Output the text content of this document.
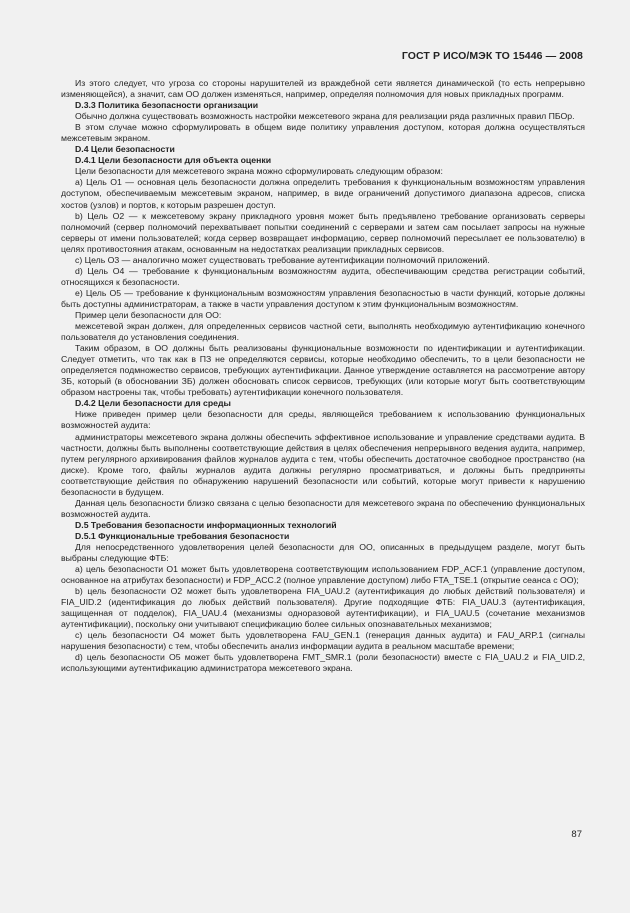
ГОСТ Р ИСО/МЭК ТО 15446 — 2008

Из этого следует, что угроза со стороны нарушителей из враждебной сети является динамической (то есть непрерывно изменяющейся), а значит, сам ОО должен изменяться, например, определяя полномочия для новых прикладных программ.

D.3.3 Политика безопасности организации

Обычно должна существовать возможность настройки межсетевого экрана для реализации ряда различных правил ПБОр.

В этом случае можно сформулировать в общем виде политику управления доступом, которая должна осуществляться межсетевым экраном.

D.4 Цели безопасности

D.4.1 Цели безопасности для объекта оценки

Цели безопасности для межсетевого экрана можно сформулировать следующим образом:

a) Цель О1 — основная цель безопасности должна определить требования к функциональным возможностям управления доступом, обеспечиваемым межсетевым экраном, например, в виде ограничений допустимого диапазона адресов, списка хостов (узлов) и портов, к которым разрешен доступ.

b) Цель О2 — к межсетевому экрану прикладного уровня может быть предъявлено требование организовать серверы полномочий (сервер полномочий перехватывает попытки соединений с серверами и затем сам посылает запросы на нужные серверы от имени пользователей; когда сервер возвращает информацию, сервер полномочий пересылает ее пользователю) в целях противостояния атакам, основанным на недостатках реализации прикладных сервисов.

c) Цель О3 — аналогично может существовать требование аутентификации полномочий приложений.

d) Цель О4 — требование к функциональным возможностям аудита, обеспечивающим средства регистрации событий, относящихся к безопасности.

e) Цель О5 — требование к функциональным возможностям управления безопасностью в части функций, которые должны быть доступны администраторам, а также в части управления доступом к этим функциональным возможностям.

Пример цели безопасности для ОО:

межсетевой экран должен, для определенных сервисов частной сети, выполнять необходимую аутентификацию конечного пользователя до установления соединения.

Таким образом, в ОО должны быть реализованы функциональные возможности по идентификации и аутентификации. Следует отметить, что так как в ПЗ не определяются сервисы, которые необходимо обеспечить, то в цели безопасности не определяется подмножество сервисов, требующих аутентификации. Данное утверждение оставляется на рассмотрение автору ЗБ, который (в обосновании ЗБ) должен обосновать список сервисов, требующих (или которые могут быть соответствующим образом настроены так, чтобы требовать) аутентификации конечного пользователя.

D.4.2 Цели безопасности для среды

Ниже приведен пример цели безопасности для среды, являющейся требованием к использованию функциональных возможностей аудита:

администраторы межсетевого экрана должны обеспечить эффективное использование и управление средствами аудита. В частности, должны быть выполнены соответствующие действия в целях обеспечения непрерывного ведения аудита, например, путем регулярного архивирования файлов журналов аудита с тем, чтобы обеспечить достаточное свободное пространство (на диске). Кроме того, файлы журналов аудита должны регулярно просматриваться, и должны быть предприняты соответствующие действия по обнаружению нарушений безопасности или событий, которые могут привести к нарушению безопасности в будущем.

Данная цель безопасности близко связана с целью безопасности для межсетевого экрана по обеспечению функциональных возможностей аудита.

D.5 Требования безопасности информационных технологий

D.5.1 Функциональные требования безопасности

Для непосредственного удовлетворения целей безопасности для ОО, описанных в предыдущем разделе, могут быть выбраны следующие ФТБ:

a) цель безопасности О1 может быть удовлетворена соответствующим использованием FDP_ACF.1 (управление доступом, основанное на атрибутах безопасности) и FDP_ACC.2 (полное управление доступом) либо FTA_TSE.1 (открытие сеанса с ОО);

b) цель безопасности О2 может быть удовлетворена FIA_UAU.2 (аутентификация до любых действий пользователя) и FIA_UID.2 (идентификация до любых действий пользователя). Другие подходящие ФТБ: FIA_UAU.3 (аутентификация, защищенная от подделок), FIA_UAU.4 (механизмы одноразовой аутентификации), и FIA_UAU.5 (сочетание механизмов аутентификации), поскольку они учитывают спецификацию более сильных опознавательных механизмов;

c) цель безопасности О4 может быть удовлетворена FAU_GEN.1 (генерация данных аудита) и FAU_ARP.1 (сигналы нарушения безопасности) с тем, чтобы обеспечить анализ информации аудита в реальном масштабе времени;

d) цель безопасности О5 может быть удовлетворена FMT_SMR.1 (роли безопасности) вместе с FIA_UAU.2 и FIA_UID.2, использующими аутентификацию администратора межсетевого экрана.

87
